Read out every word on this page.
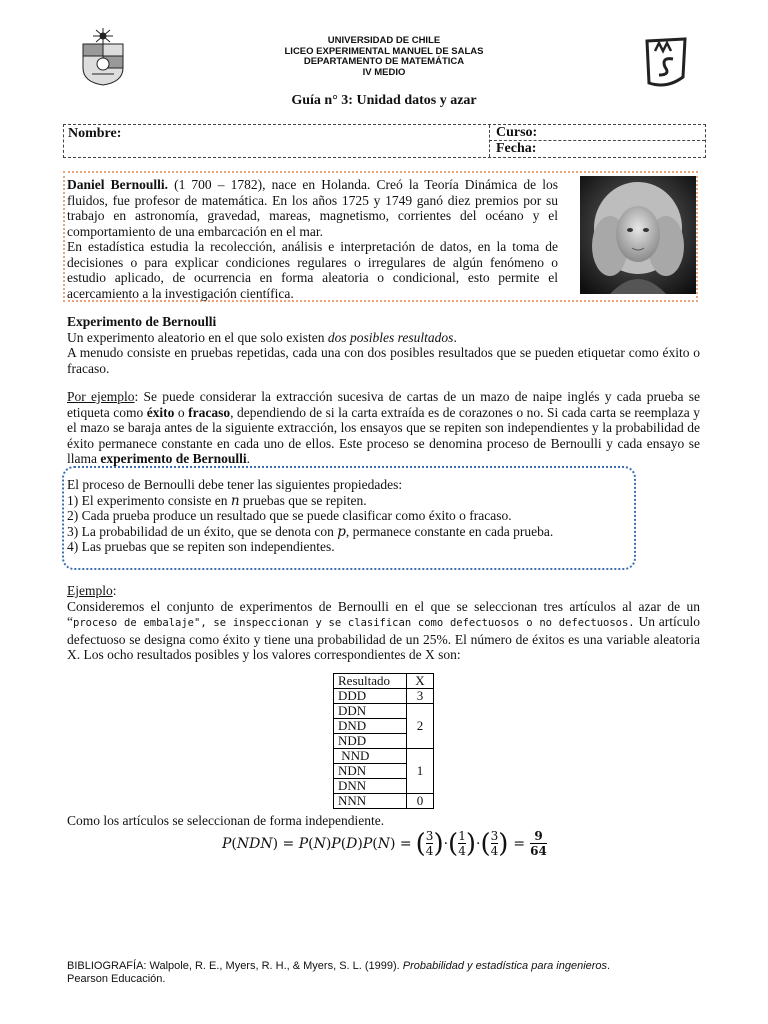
UNIVERSIDAD DE CHILE
LICEO EXPERIMENTAL MANUEL DE SALAS
DEPARTAMENTO DE MATEMÁTICA
IV MEDIO
Guía n° 3: Unidad datos y azar
Nombre:	Curso:
Fecha:

Daniel Bernoulli. (1 700 – 1782), nace en Holanda. Creó la Teoría Dinámica de los fluidos, fue profesor de matemática. En los años 1725 y 1749 ganó diez premios por su trabajo en astronomía, gravedad, mareas, magnetismo, corrientes del océano y el comportamiento de una embarcación en el mar.

En estadística estudia la recolección, análisis e interpretación de datos, en la toma de decisiones o para explicar condiciones regulares o irregulares de algún fenómeno o estudio aplicado, de ocurrencia en forma aleatoria o condicional, esto permite el acercamiento a la investigación científica.

Experimento de Bernoulli

Un experimento aleatorio en el que solo existen dos posibles resultados.

A menudo consiste en pruebas repetidas, cada una con dos posibles resultados que se pueden etiquetar como éxito o fracaso.

Por ejemplo: Se puede considerar la extracción sucesiva de cartas de un mazo de naipe inglés y cada prueba se etiqueta como éxito o fracaso, dependiendo de si la carta extraída es de corazones o no. Si cada carta se reemplaza y el mazo se baraja antes de la siguiente extracción, los ensayos que se repiten son independientes y la probabilidad de éxito permanece constante en cada uno de ellos. Este proceso se denomina proceso de Bernoulli y cada ensayo se llama experimento de Bernoulli.

El proceso de Bernoulli debe tener las siguientes propiedades:
1) El experimento consiste en 𝑛 pruebas que se repiten.
2) Cada prueba produce un resultado que se puede clasificar como éxito o fracaso.
3) La probabilidad de un éxito, que se denota con 𝑝, permanece constante en cada prueba.
4) Las pruebas que se repiten son independientes.

Ejemplo:

Consideremos el conjunto de experimentos de Bernoulli en el que se seleccionan tres artículos al azar de un “proceso de embalaje", se inspeccionan y se clasifican como defectuosos o no defectuosos. Un artículo defectuoso se designa como éxito y tiene una probabilidad de un 25%. El número de éxitos es una variable aleatoria X. Los ocho resultados posibles y los valores correspondientes de X son:

Resultado	X
DDD	3
DDN	2
DND	
NDD	
NND	1
NDN	
DNN	
NNN	0
Como los artículos se seleccionan de forma independiente.
𝑃(𝑁𝐷𝑁) = 𝑃(𝑁)𝑃(𝐷)𝑃(𝑁) = ( $\frac{3}{4}$ ) · ( $\frac{1}{4}$ ) · ( $\frac{3}{4}$ ) = $\frac{9}{64}$
BIBLIOGRAFÍA: Walpole, R. E., Myers, R. H., & Myers, S. L. (1999). Probabilidad y estadística para ingenieros.
Pearson Educación.
